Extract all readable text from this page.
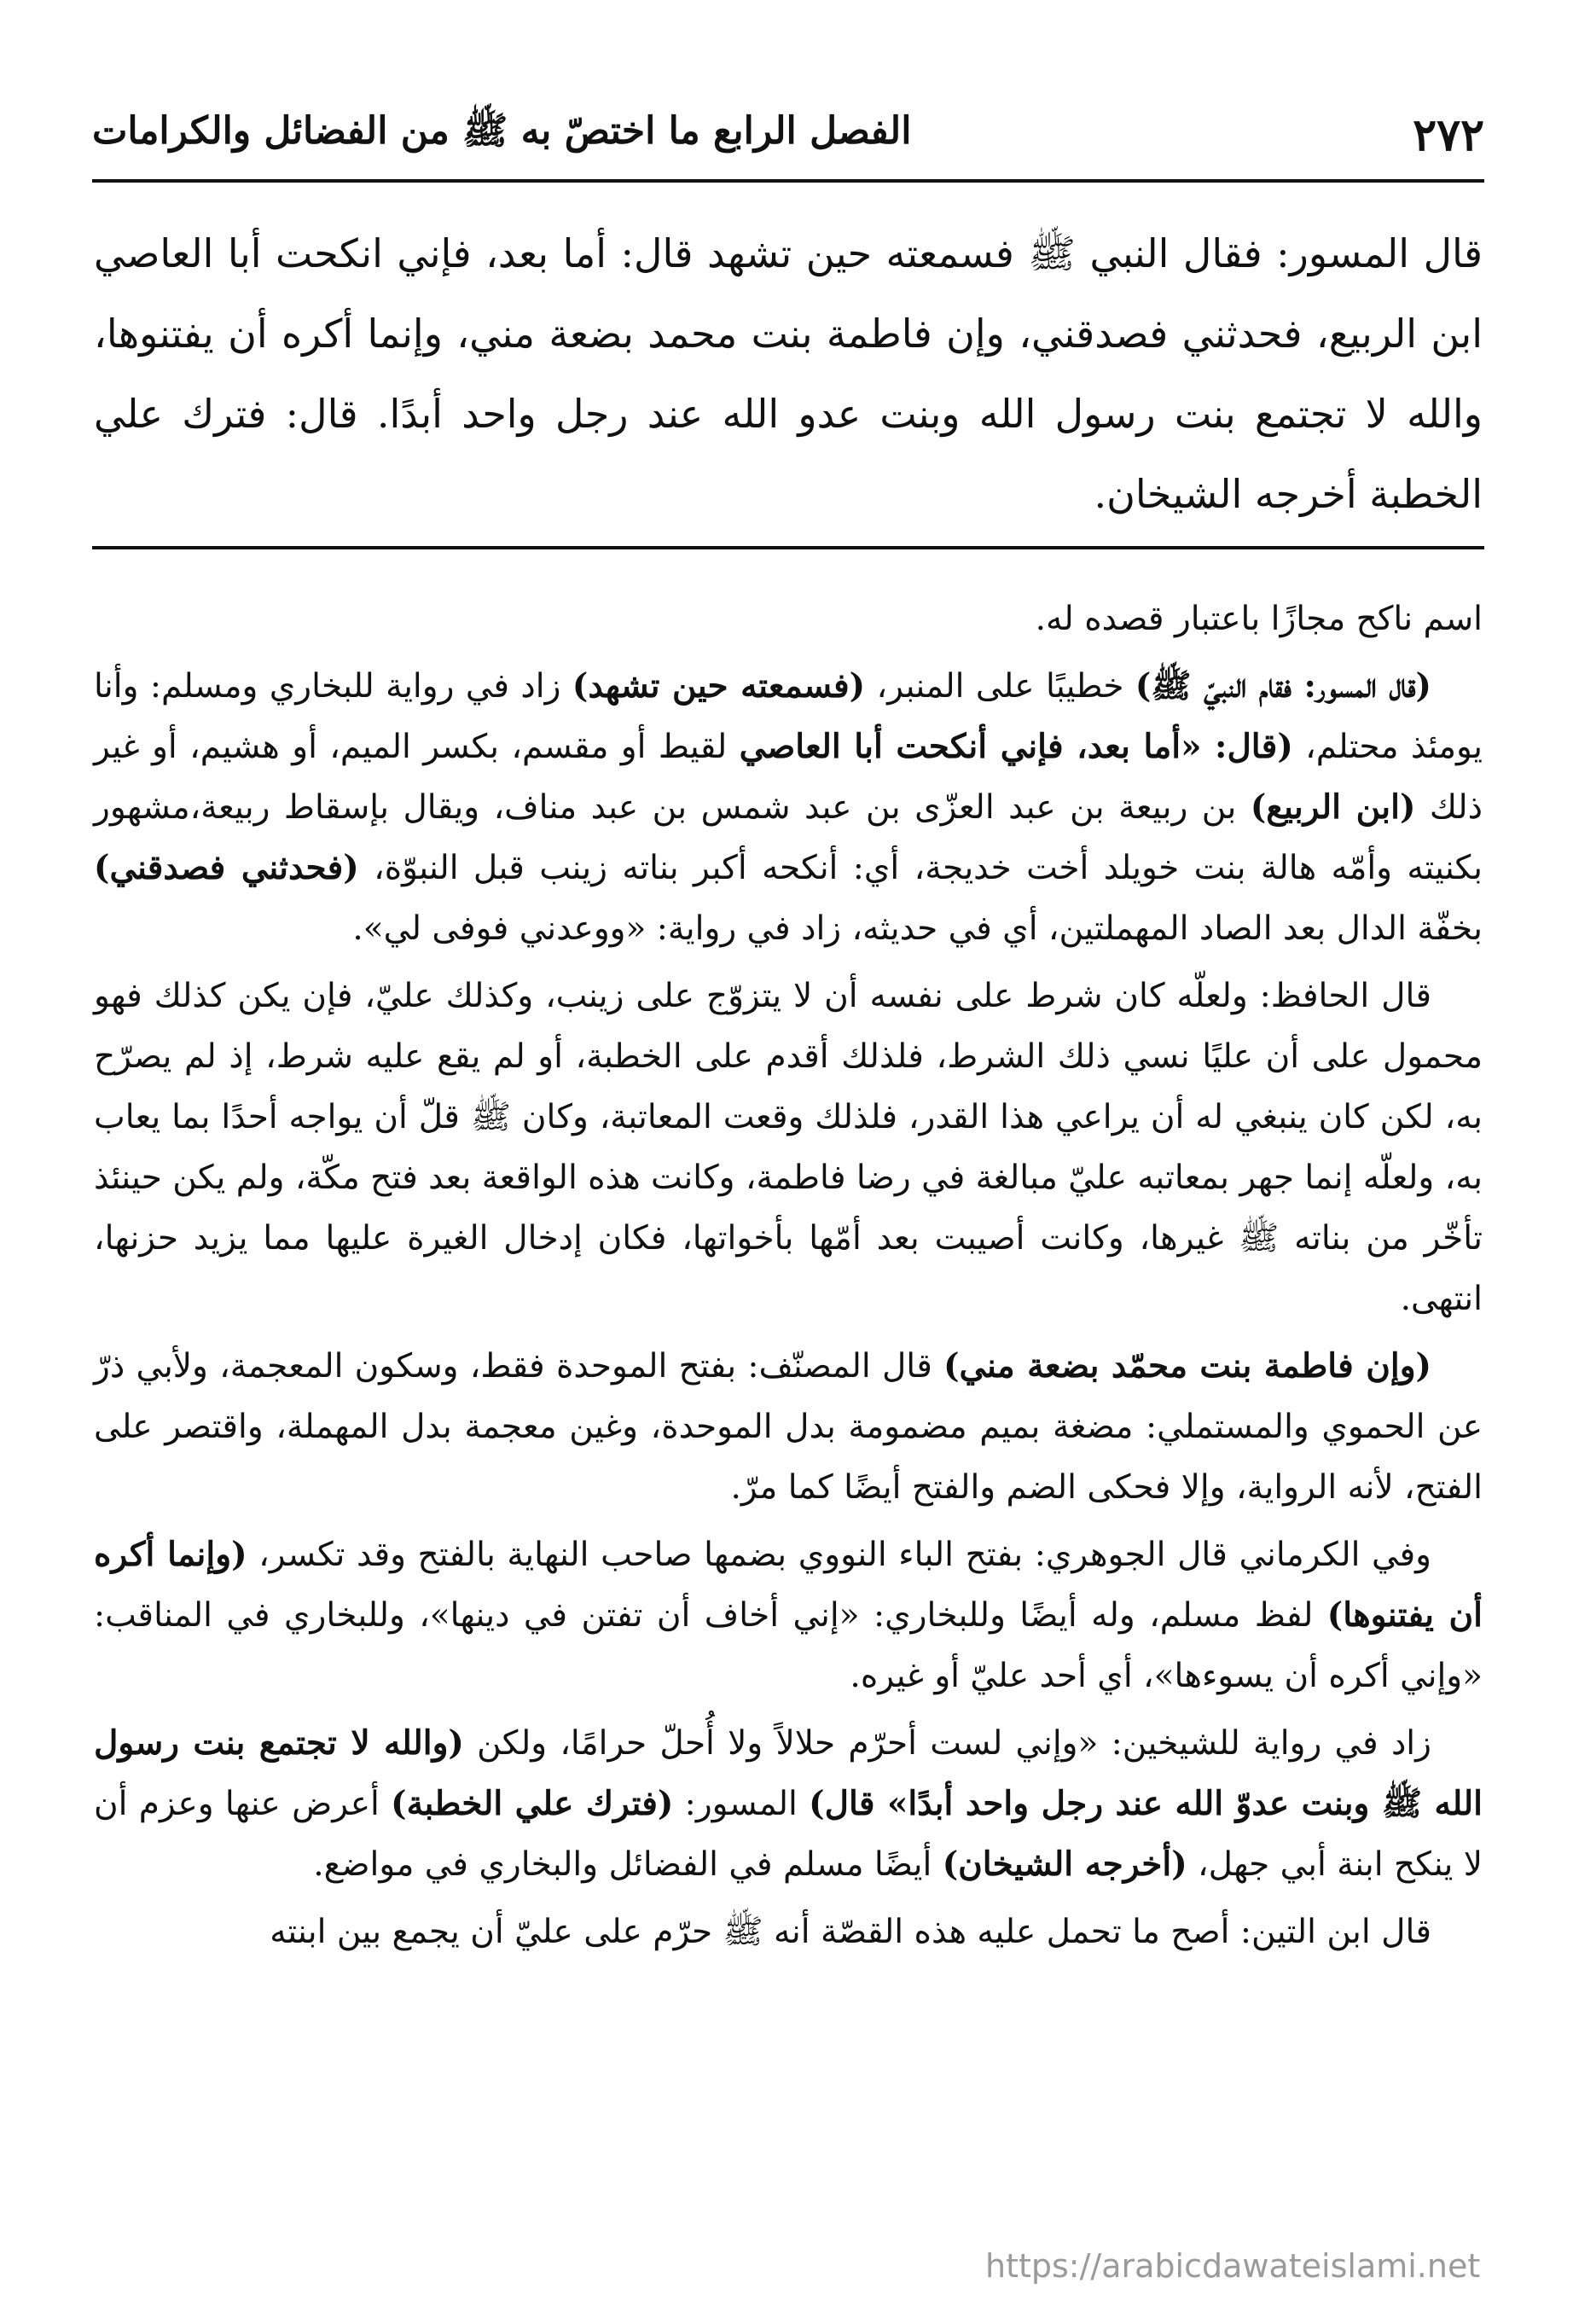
٢٧٢
الفصل الرابع ما اختصّ به ﷺ من الفضائل والكرامات
قال المسور: فقال النبي ﷺ فسمعته حين تشهد قال: أما بعد، فإني انكحت أبا العاصي ابن الربيع، فحدثني فصدقني، وإن فاطمة بنت محمد بضعة مني، وإنما أكره أن يفتنوها، والله لا تجتمع بنت رسول الله وبنت عدو الله عند رجل واحد أبدًا. قال: فترك علي الخطبة أخرجه الشيخان.

اسم ناكح مجازًا باعتبار قصده له.

(قال المسور: فقام النبيّ ﷺ) خطيبًا على المنبر، (فسمعته حين تشهد) زاد في رواية للبخاري ومسلم: وأنا يومئذ محتلم، (قال: «أما بعد، فإني أنكحت أبا العاصي لقيط أو مقسم، بكسر الميم، أو هشيم، أو غير ذلك (ابن الربيع) بن ربيعة بن عبد العزّى بن عبد شمس بن عبد مناف، ويقال بإسقاط ربيعة،مشهور بكنيته وأمّه هالة بنت خويلد أخت خديجة، أي: أنكحه أكبر بناته زينب قبل النبوّة، (فحدثني فصدقني) بخفّة الدال بعد الصاد المهملتين، أي في حديثه، زاد في رواية: «ووعدني فوفى لي».

قال الحافظ: ولعلّه كان شرط على نفسه أن لا يتزوّج على زينب، وكذلك عليّ، فإن يكن كذلك فهو محمول على أن عليًا نسي ذلك الشرط، فلذلك أقدم على الخطبة، أو لم يقع عليه شرط، إذ لم يصرّح به، لكن كان ينبغي له أن يراعي هذا القدر، فلذلك وقعت المعاتبة، وكان ﷺ قلّ أن يواجه أحدًا بما يعاب به، ولعلّه إنما جهر بمعاتبه عليّ مبالغة في رضا فاطمة، وكانت هذه الواقعة بعد فتح مكّة، ولم يكن حينئذ تأخّر من بناته ﷺ غيرها، وكانت أصيبت بعد أمّها بأخواتها، فكان إدخال الغيرة عليها مما يزيد حزنها، انتهى.

(وإن فاطمة بنت محمّد بضعة مني) قال المصنّف: بفتح الموحدة فقط، وسكون المعجمة، ولأبي ذرّ عن الحموي والمستملي: مضغة بميم مضمومة بدل الموحدة، وغين معجمة بدل المهملة، واقتصر على الفتح، لأنه الرواية، وإلا فحكى الضم والفتح أيضًا كما مرّ.

وفي الكرماني قال الجوهري: بفتح الباء النووي بضمها صاحب النهاية بالفتح وقد تكسر، (وإنما أكره أن يفتنوها) لفظ مسلم، وله أيضًا وللبخاري: «إني أخاف أن تفتن في دينها»، وللبخاري في المناقب: «وإني أكره أن يسوءها»، أي أحد عليّ أو غيره.

زاد في رواية للشيخين: «وإني لست أحرّم حلالاً ولا أُحلّ حرامًا، ولكن (والله لا تجتمع بنت رسول الله ﷺ وبنت عدوّ الله عند رجل واحد أبدًا» قال) المسور: (فترك علي الخطبة) أعرض عنها وعزم أن لا ينكح ابنة أبي جهل، (أخرجه الشيخان) أيضًا مسلم في الفضائل والبخاري في مواضع.

قال ابن التين: أصح ما تحمل عليه هذه القصّة أنه ﷺ حرّم على عليّ أن يجمع بين ابنته

https://arabicdawateislami.net
